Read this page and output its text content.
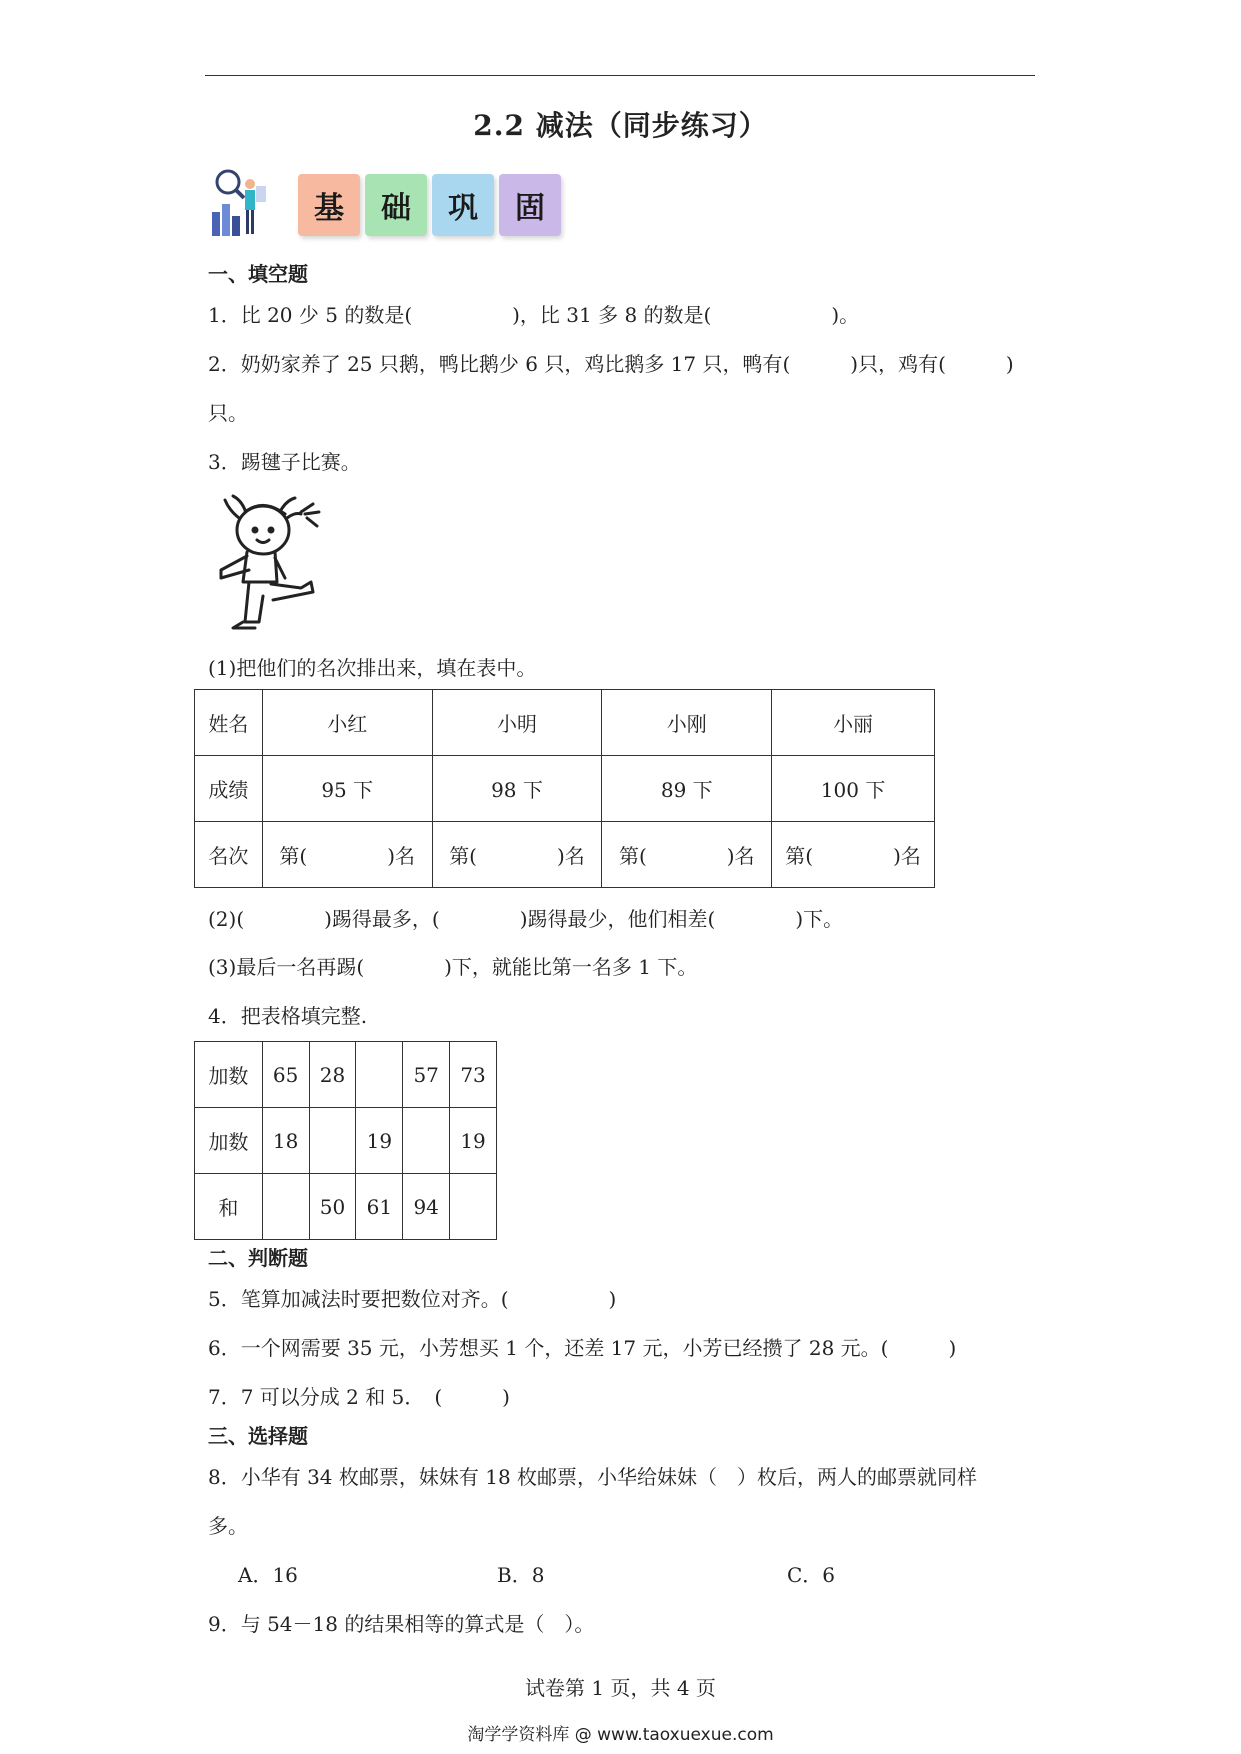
2.2 减法（同步练习）
基 础 巩 固
一、填空题
1．比 20 少 5 的数是(　　　　　)，比 31 多 8 的数是(　　　　　　)。
2．奶奶家养了 25 只鹅，鸭比鹅少 6 只，鸡比鹅多 17 只，鸭有(　　　)只，鸡有(　　　)
只。
3．踢毽子比赛。
(1)把他们的名次排出来，填在表中。
姓名	小红	小明	小刚	小丽
成绩	95 下	98 下	89 下	100 下
名次	第(　　　　)名	第(　　　　)名	第(　　　　)名	第(　　　　)名
(2)(　　　　)踢得最多，(　　　　)踢得最少，他们相差(　　　　)下。
(3)最后一名再踢(　　　　)下，就能比第一名多 1 下。
4．把表格填完整.
加数	65	28		57	73
加数	18		19		19
和		50	61	94	
二、判断题
5．笔算加减法时要把数位对齐。(　　　　　)
6．一个网需要 35 元，小芳想买 1 个，还差 17 元，小芳已经攒了 28 元。(　　　)
7．7 可以分成 2 和 5．　(　　　)
三、选择题
8．小华有 34 枚邮票，妹妹有 18 枚邮票，小华给妹妹（　）枚后，两人的邮票就同样
多。
A．16	B．8	C．6
9．与 54－18 的结果相等的算式是（　）。
试卷第 1 页，共 4 页
淘学学资料库 @ www.taoxuexue.com
